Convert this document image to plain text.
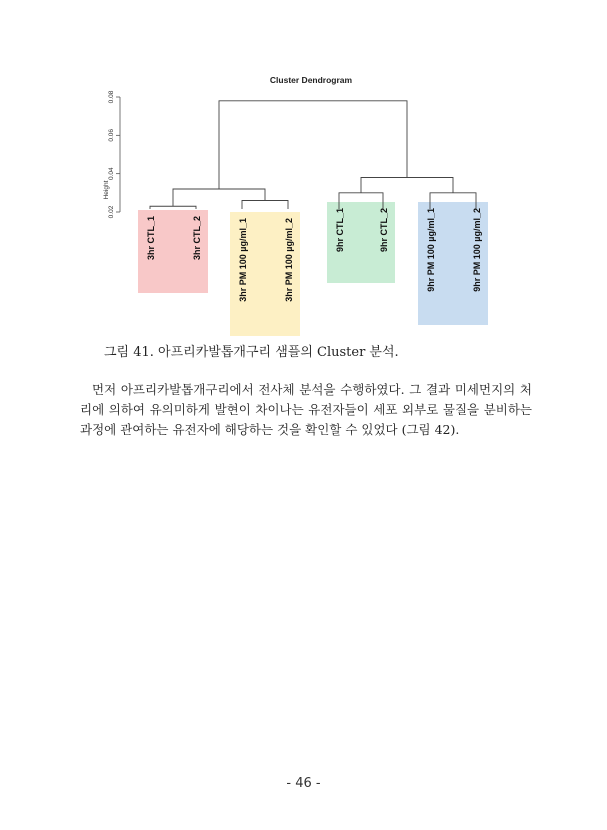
Cluster Dendrogram
0.02
0.04
0.06
0.08
Height
3hr CTL_1	3hr CTL_2	3hr PM 100 µg/ml_1	3hr PM 100 µg/ml_2	9hr CTL_1	9hr CTL_2	9hr PM 100 µg/ml_1	9hr PM 100 µg/ml_2
그림 41. 아프리카발톱개구리 샘플의 Cluster 분석.

먼저 아프리카발톱개구리에서 전사체 분석을 수행하였다. 그 결과 미세먼지의 처리에 의하여 유의미하게 발현이 차이나는 유전자들이 세포 외부로 물질을 분비하는 과정에 관여하는 유전자에 해당하는 것을 확인할 수 있었다 (그림 42).

- 46 -
